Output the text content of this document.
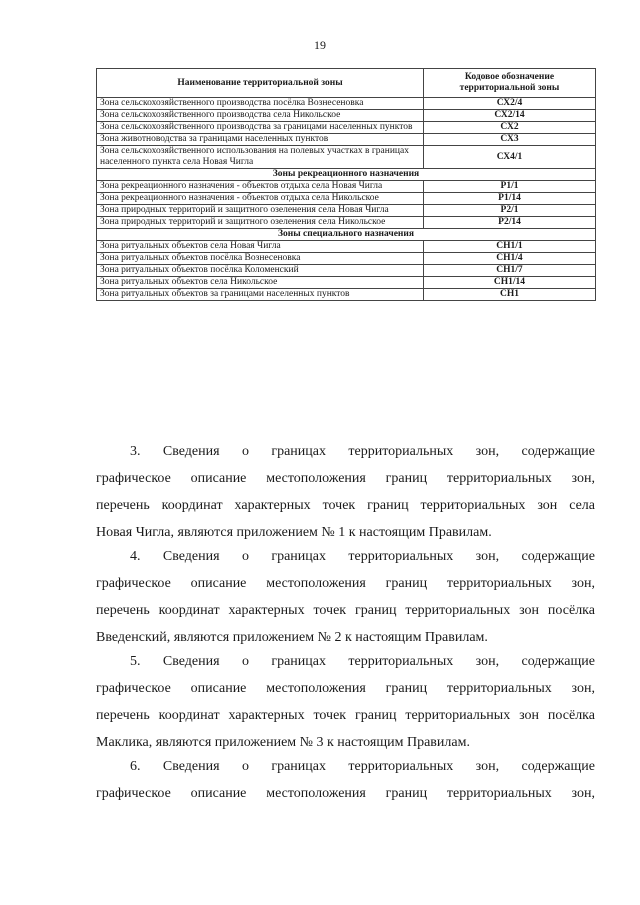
19
Наименование территориальной зоны	Кодовое обозначение территориальной зоны
Зона сельскохозяйственного производства посёлка Вознесеновка	СХ2/4
Зона сельскохозяйственного производства села Никольское	СХ2/14
Зона сельскохозяйственного производства за границами населенных пунктов	СХ2
Зона животноводства за границами населенных пунктов	СХ3
Зона сельскохозяйственного использования на полевых участках в границах населенного пункта села Новая Чигла	СХ4/1
Зоны рекреационного назначения	
Зона рекреационного назначения - объектов отдыха села Новая Чигла	Р1/1
Зона рекреационного назначения - объектов отдыха села Никольское	Р1/14
Зона природных территорий и защитного озеленения села Новая Чигла	Р2/1
Зона природных территорий и защитного озеленения села Никольское	Р2/14
Зоны специального назначения	
Зона ритуальных объектов села Новая Чигла	СН1/1
Зона ритуальных объектов посёлка Вознесеновка	СН1/4
Зона ритуальных объектов посёлка Коломенский	СН1/7
Зона ритуальных объектов села Никольское	СН1/14
Зона ритуальных объектов за границами населенных пунктов	СН1
3. Сведения о границах территориальных зон, содержащие
графическое описание местоположения границ территориальных зон,
перечень координат характерных точек границ территориальных зон села
Новая Чигла, являются приложением № 1 к настоящим Правилам.
4. Сведения о границах территориальных зон, содержащие
графическое описание местоположения границ территориальных зон,
перечень координат характерных точек границ территориальных зон посёлка
Введенский, являются приложением № 2 к настоящим Правилам.
5. Сведения о границах территориальных зон, содержащие
графическое описание местоположения границ территориальных зон,
перечень координат характерных точек границ территориальных зон посёлка
Маклика, являются приложением № 3 к настоящим Правилам.
6. Сведения о границах территориальных зон, содержащие
графическое описание местоположения границ территориальных зон,
